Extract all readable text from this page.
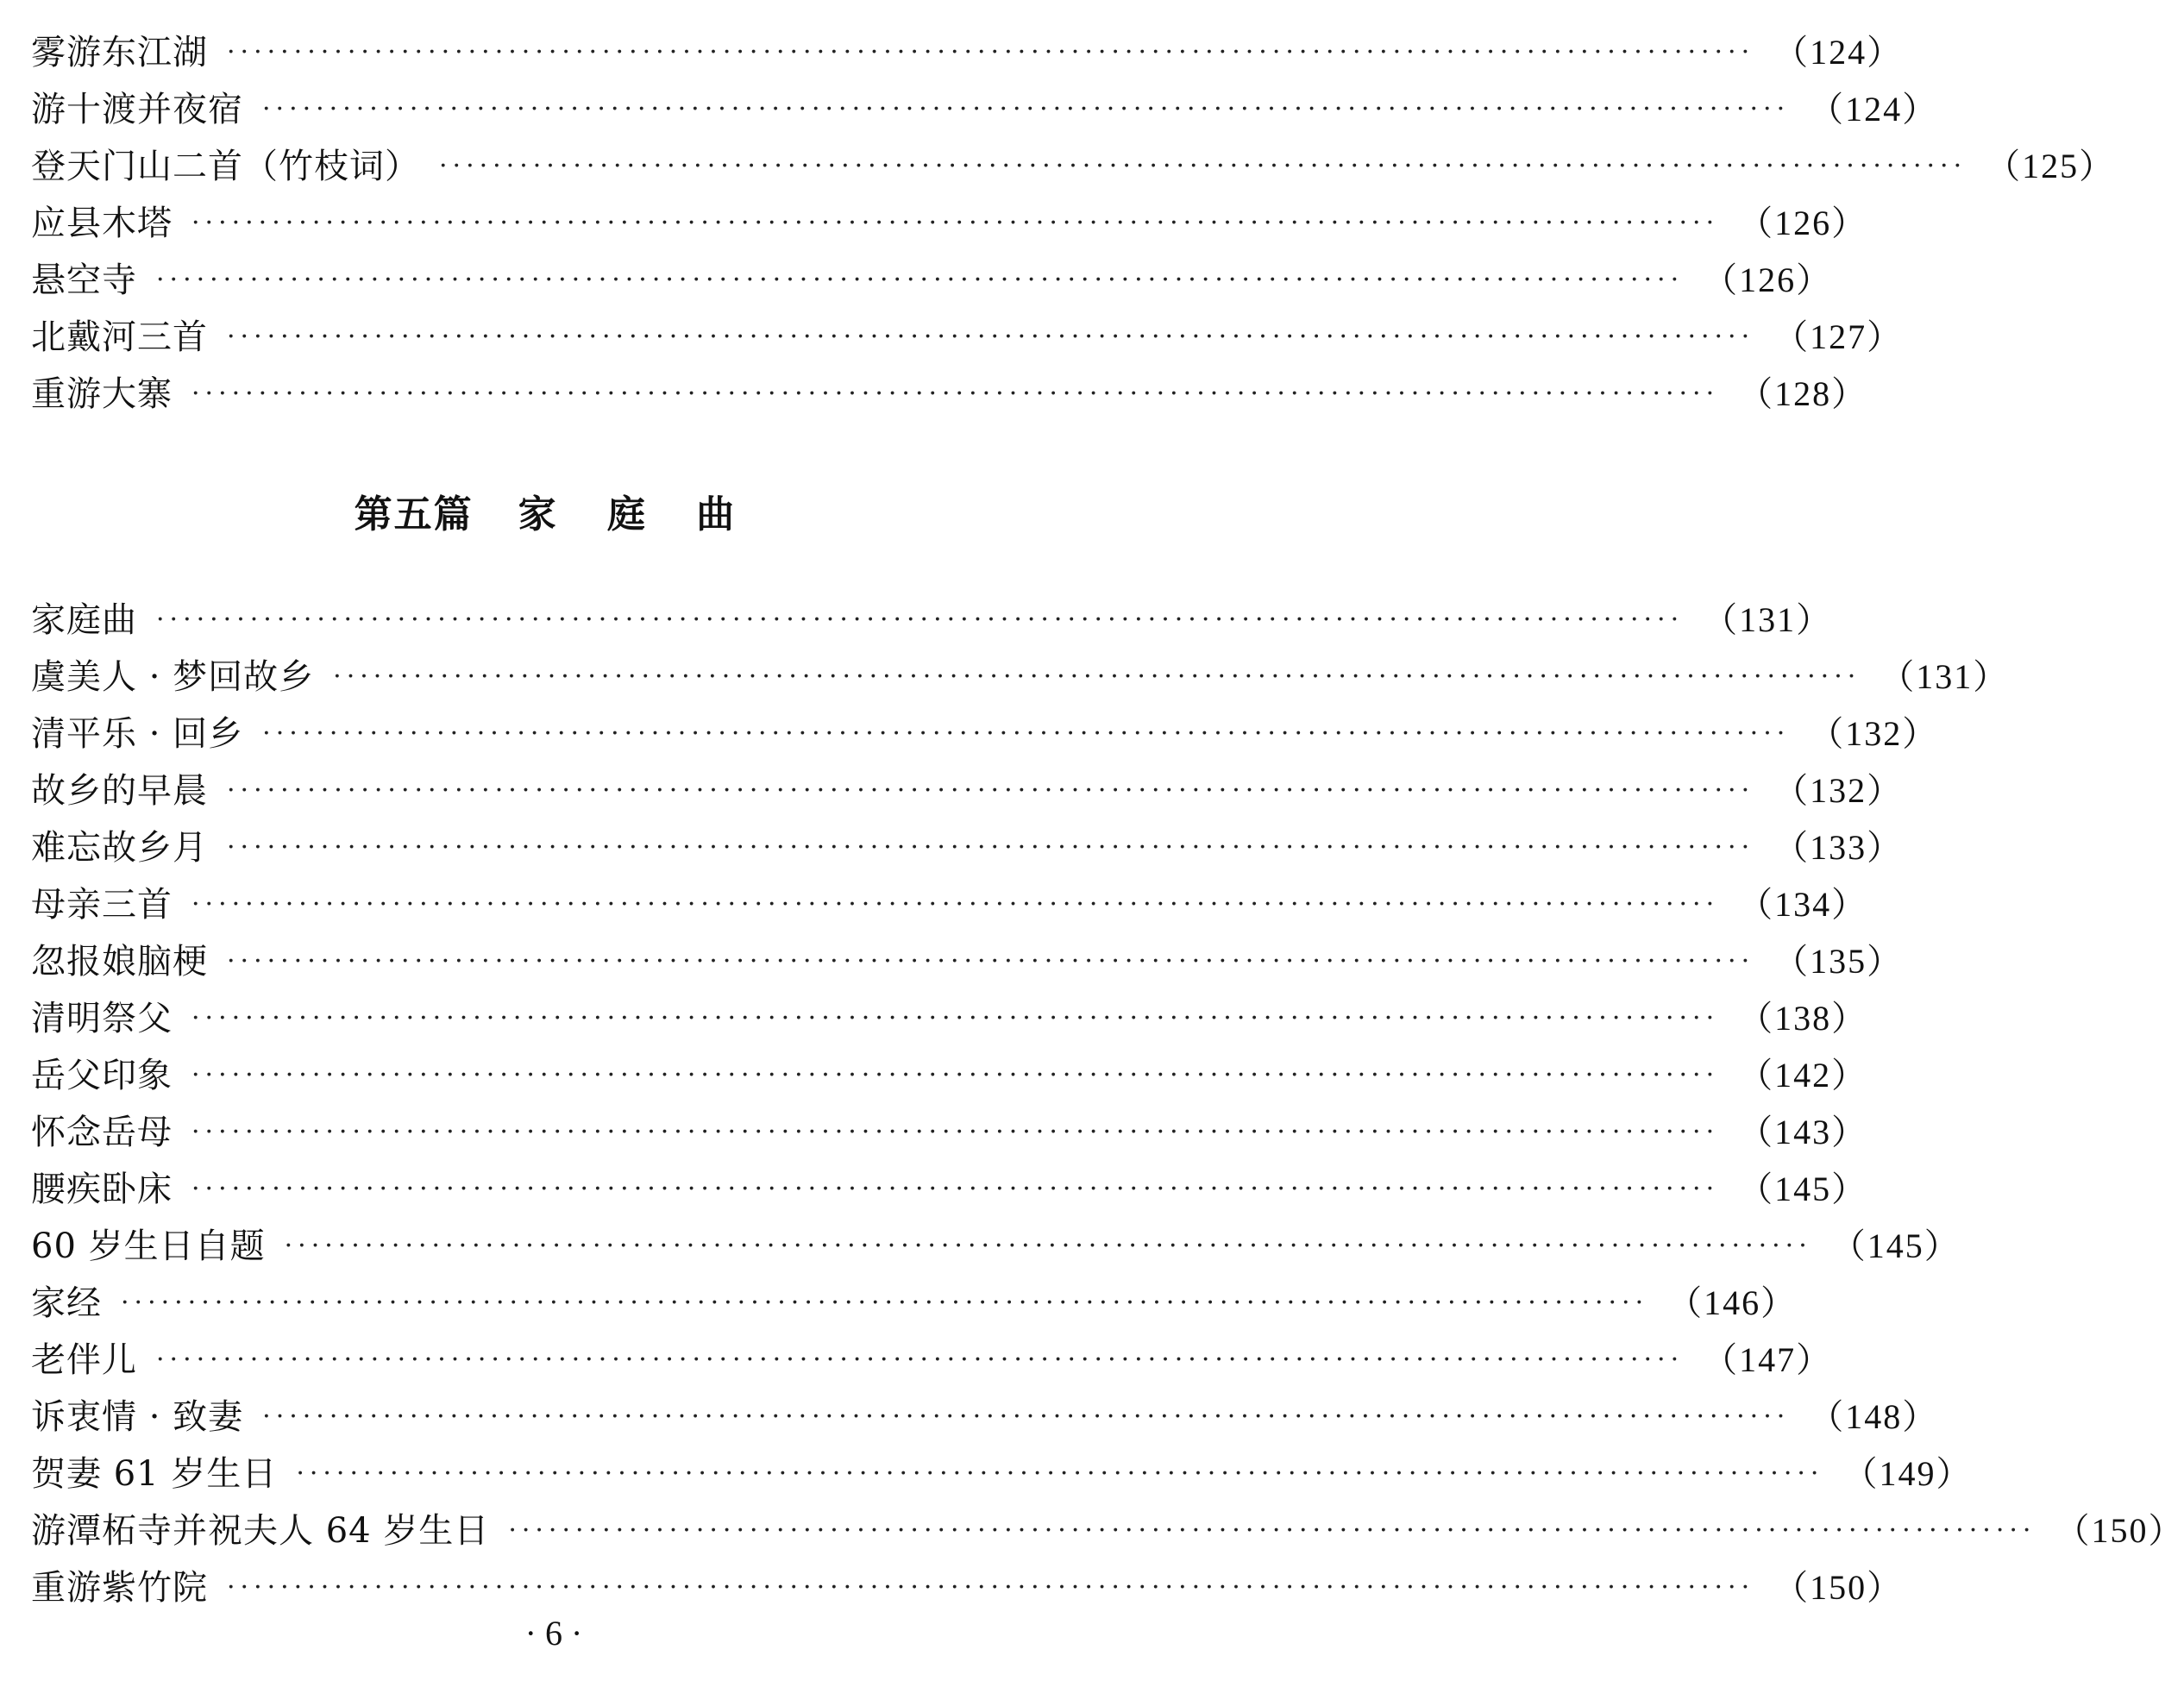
雾游东江湖 ·················································································································· （124）
游十渡并夜宿 ·················································································································· （124）
登天门山二首（竹枝词） ·················································································································· （125）
应县木塔 ·················································································································· （126）
悬空寺 ·················································································································· （126）
北戴河三首 ·················································································································· （127）
重游大寨 ·················································································································· （128）
第五篇 家 庭 曲
家庭曲 ·················································································································· （131）
虞美人 · 梦回故乡 ·················································································································· （131）
清平乐 · 回乡 ·················································································································· （132）
故乡的早晨 ·················································································································· （132）
难忘故乡月 ·················································································································· （133）
母亲三首 ·················································································································· （134）
忽报娘脑梗 ·················································································································· （135）
清明祭父 ·················································································································· （138）
岳父印象 ·················································································································· （142）
怀念岳母 ·················································································································· （143）
腰疾卧床 ·················································································································· （145）
60 岁生日自题 ·················································································································· （145）
家经 ·················································································································· （146）
老伴儿 ·················································································································· （147）
诉衷情 · 致妻 ·················································································································· （148）
贺妻 61 岁生日 ·················································································································· （149）
游潭柘寺并祝夫人 64 岁生日 ·················································································································· （150）
重游紫竹院 ·················································································································· （150）
· 6 ·
